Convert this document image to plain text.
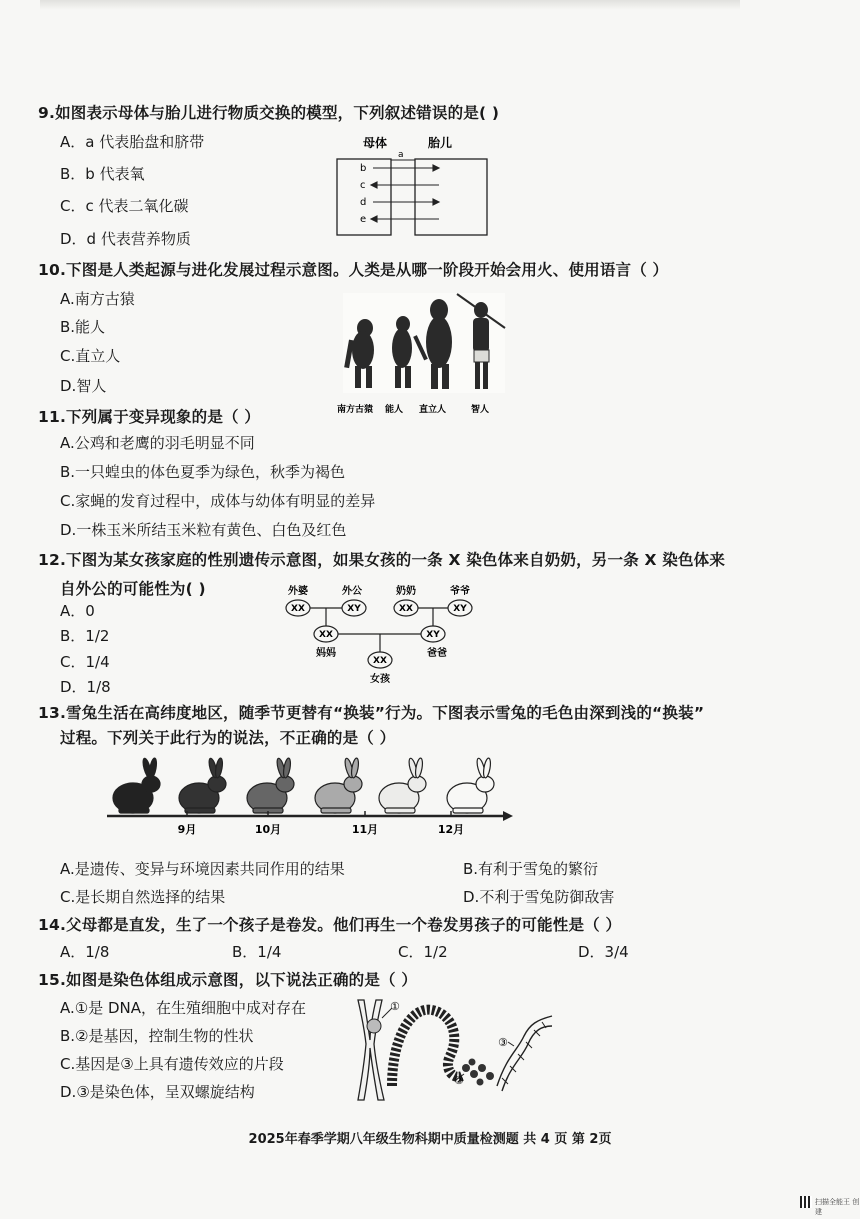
9.如图表示母体与胎儿进行物质交换的模型，下列叙述错误的是( )
A．a 代表胎盘和脐带
B．b 代表氧
C．c 代表二氧化碳
D．d 代表营养物质
母体	胎儿
a
b
c
d
e
10.下图是人类起源与进化发展过程示意图。人类是从哪一阶段开始会用火、使用语言（ ）
A.南方古猿
B.能人
C.直立人
D.智人
南方古猿 能人 直立人	智人
11.下列属于变异现象的是（ ）
A.公鸡和老鹰的羽毛明显不同
B.一只蝗虫的体色夏季为绿色，秋季为褐色
C.家蝇的发育过程中，成体与幼体有明显的差异
D.一株玉米所结玉米粒有黄色、白色及红色
12.下图为某女孩家庭的性别遗传示意图，如果女孩的一条 X 染色体来自奶奶，另一条 X 染色体来
自外公的可能性为( )
A．0
B．1/2
C．1/4
D．1/8
外婆	外公	奶奶	爷爷
XX	XY	XX	XY
XX	XY
XX
妈妈	爸爸
女孩
13.雪兔生活在高纬度地区，随季节更替有“换装”行为。下图表示雪兔的毛色由深到浅的“换装”
过程。下列关于此行为的说法，不正确的是（ ）
9月	10月	11月	12月
A.是遗传、变异与环境因素共同作用的结果	B.有利于雪兔的繁衍
C.是长期自然选择的结果	D.不利于雪兔防御敌害
14.父母都是直发，生了一个孩子是卷发。他们再生一个卷发男孩子的可能性是（ ）
A．1/8	B．1/4	C．1/2	D．3/4
15.如图是染色体组成示意图，以下说法正确的是（ ）
A.①是 DNA，在生殖细胞中成对存在
B.②是基因，控制生物的性状
C.基因是③上具有遗传效应的片段
D.③是染色体，呈双螺旋结构
①
②
③
2025年春季学期八年级生物科期中质量检测题 共 4 页 第 2页
扫描全能王 创建
